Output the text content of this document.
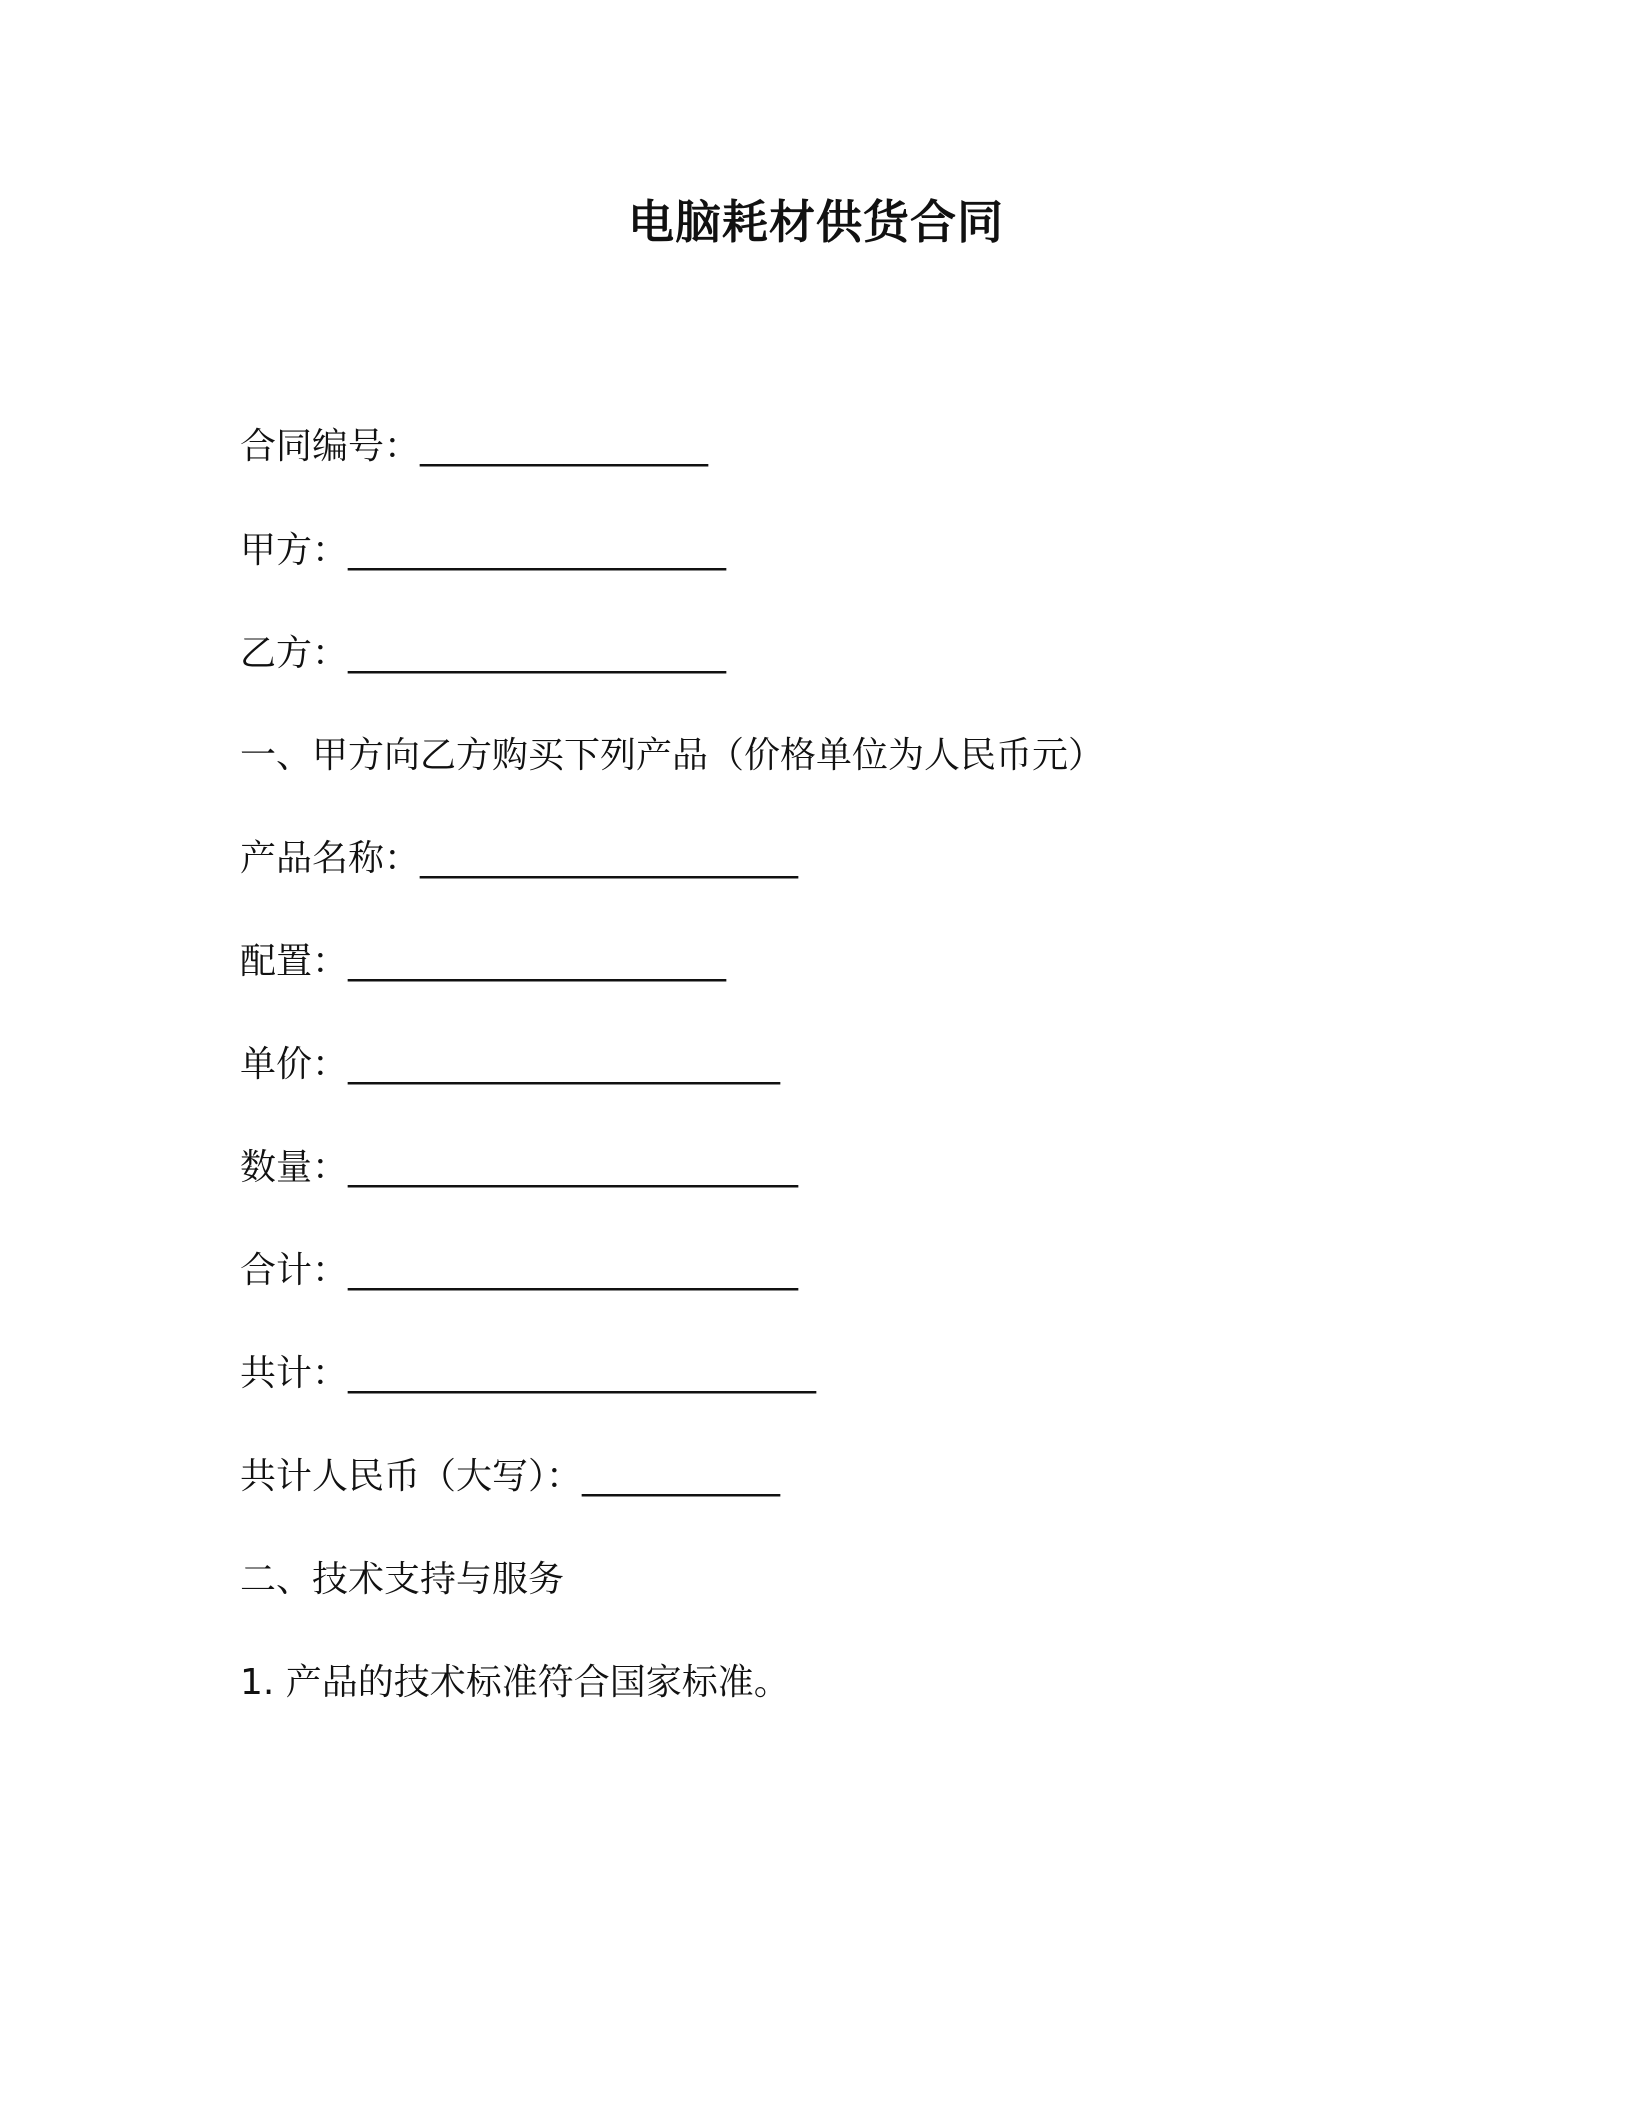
电脑耗材供货合同
合同编号：________________
甲方：_____________________
乙方：_____________________
一、甲方向乙方购买下列产品（价格单位为人民币元）
产品名称：_____________________
配置：_____________________
单价：________________________
数量：_________________________
合计：_________________________
共计：__________________________
共计人民币（大写）：___________
二、技术支持与服务
1. 产品的技术标准符合国家标准。
